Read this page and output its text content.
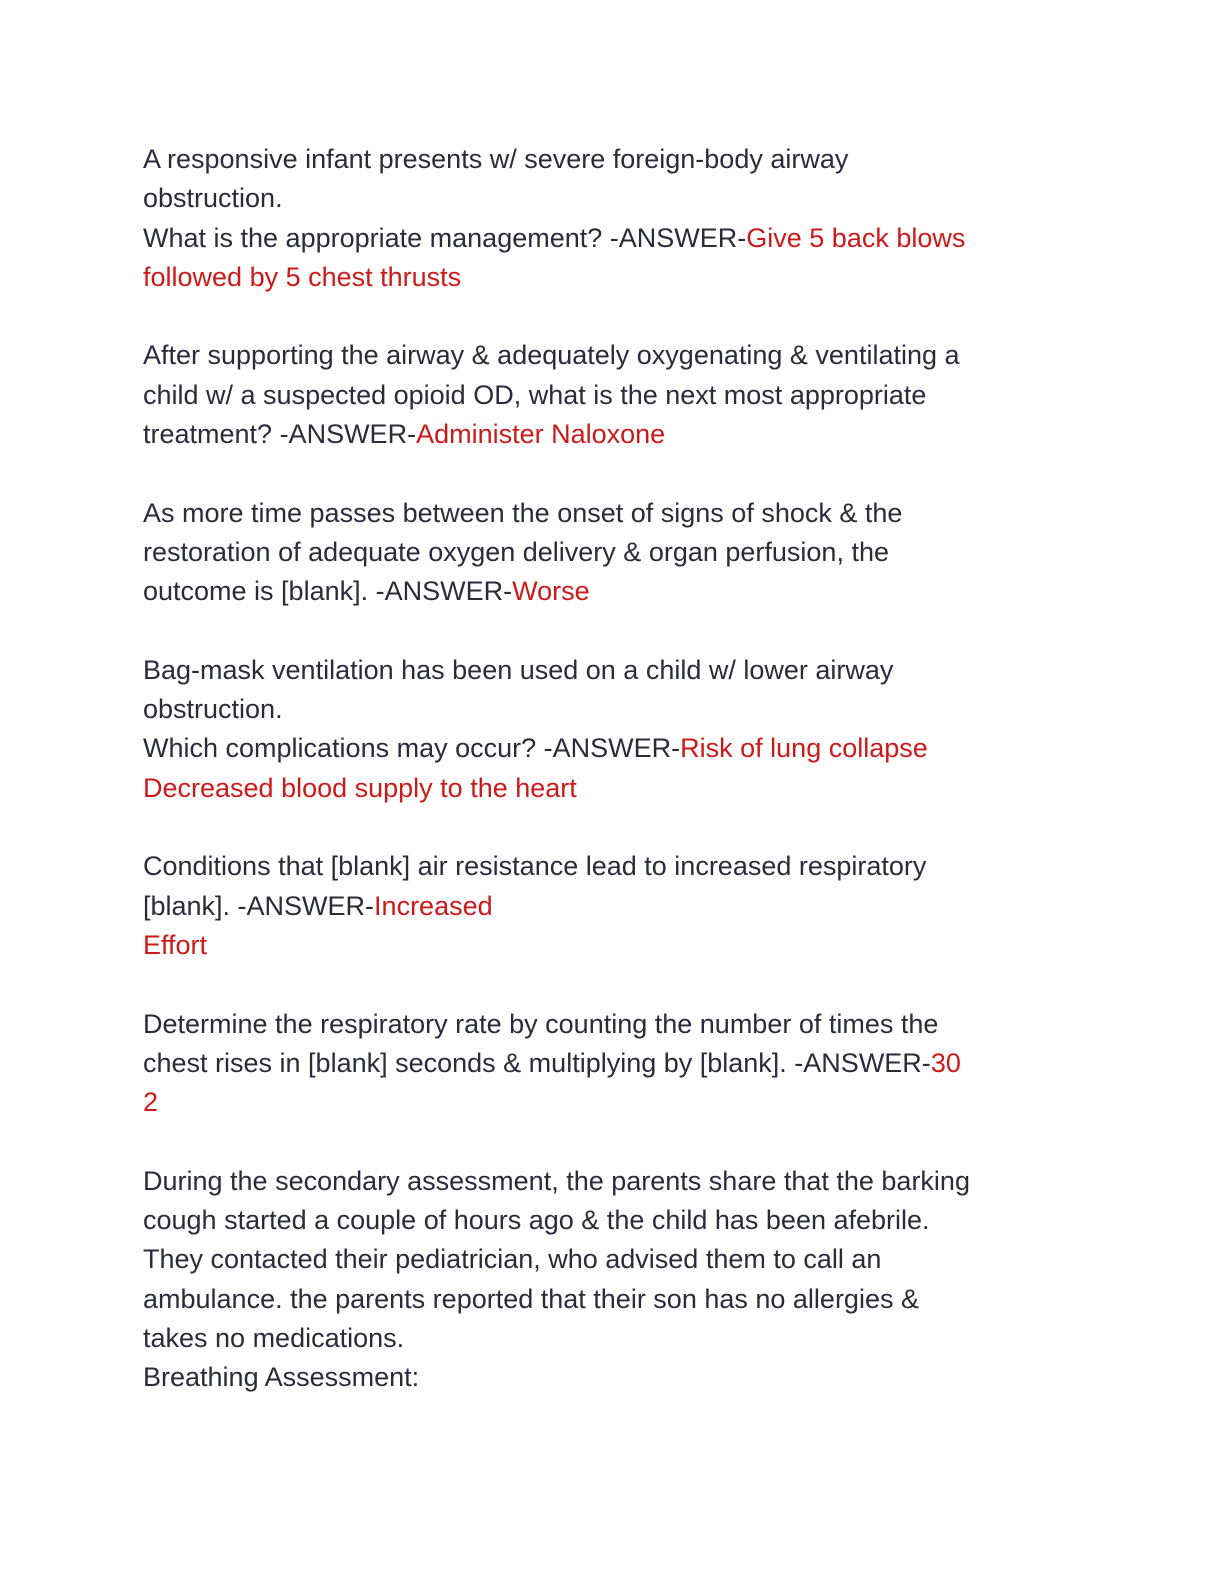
A responsive infant presents w/ severe foreign-body airway
obstruction.
What is the appropriate management? -ANSWER-Give 5 back blows
followed by 5 chest thrusts
After supporting the airway & adequately oxygenating & ventilating a
child w/ a suspected opioid OD, what is the next most appropriate
treatment? -ANSWER-Administer Naloxone
As more time passes between the onset of signs of shock & the
restoration of adequate oxygen delivery & organ perfusion, the
outcome is [blank]. -ANSWER-Worse
Bag-mask ventilation has been used on a child w/ lower airway
obstruction.
Which complications may occur? -ANSWER-Risk of lung collapse
Decreased blood supply to the heart
Conditions that [blank] air resistance lead to increased respiratory
[blank]. -ANSWER-Increased
Effort
Determine the respiratory rate by counting the number of times the
chest rises in [blank] seconds & multiplying by [blank]. -ANSWER-30
2
During the secondary assessment, the parents share that the barking
cough started a couple of hours ago & the child has been afebrile.
They contacted their pediatrician, who advised them to call an
ambulance. the parents reported that their son has no allergies &
takes no medications.
Breathing Assessment:
